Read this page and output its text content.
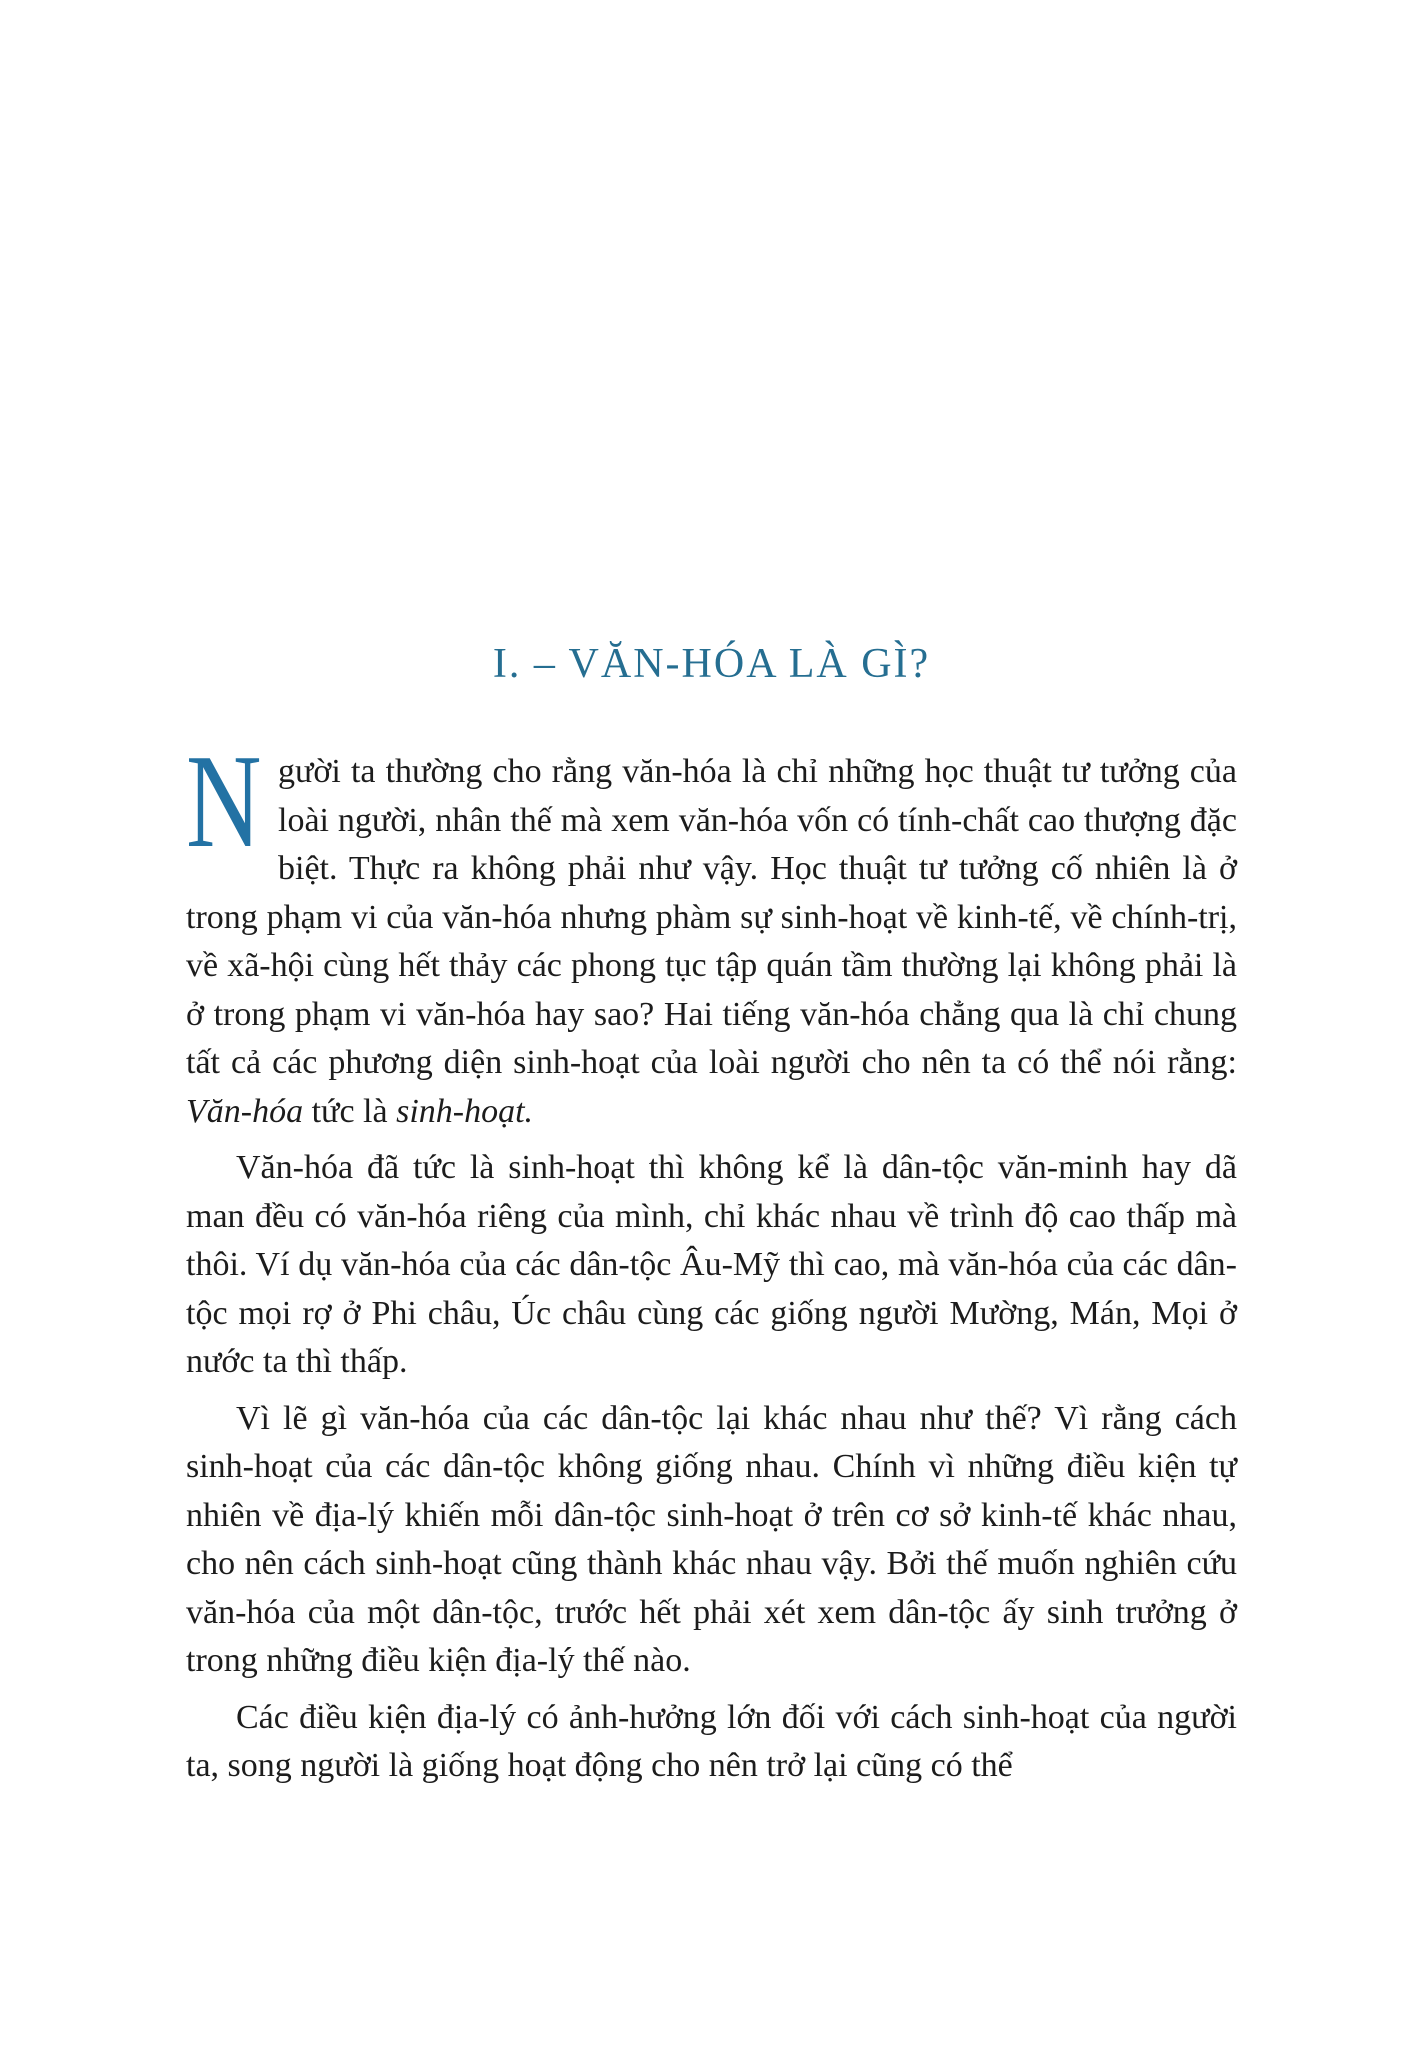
I. – VĂN-HÓA LÀ GÌ?

N gười ta thường cho rằng văn-hóa là chỉ những học thuật tư tưởng của loài người, nhân thế mà xem văn-hóa vốn có tính-chất cao thượng đặc biệt. Thực ra không phải như vậy. Học thuật tư tưởng cố nhiên là ở trong phạm vi của văn-hóa nhưng phàm sự sinh-hoạt về kinh-tế, về chính-trị, về xã-hội cùng hết thảy các phong tục tập quán tầm thường lại không phải là ở trong phạm vi văn-hóa hay sao? Hai tiếng văn-hóa chẳng qua là chỉ chung tất cả các phương diện sinh-hoạt của loài người cho nên ta có thể nói rằng: Văn-hóa tức là sinh-hoạt.

Văn-hóa đã tức là sinh-hoạt thì không kể là dân-tộc văn-minh hay dã man đều có văn-hóa riêng của mình, chỉ khác nhau về trình độ cao thấp mà thôi. Ví dụ văn-hóa của các dân-tộc Âu-Mỹ thì cao, mà văn-hóa của các dân-tộc mọi rợ ở Phi châu, Úc châu cùng các giống người Mường, Mán, Mọi ở nước ta thì thấp.

Vì lẽ gì văn-hóa của các dân-tộc lại khác nhau như thế? Vì rằng cách sinh-hoạt của các dân-tộc không giống nhau. Chính vì những điều kiện tự nhiên về địa-lý khiến mỗi dân-tộc sinh-hoạt ở trên cơ sở kinh-tế khác nhau, cho nên cách sinh-hoạt cũng thành khác nhau vậy. Bởi thế muốn nghiên cứu văn-hóa của một dân-tộc, trước hết phải xét xem dân-tộc ấy sinh trưởng ở trong những điều kiện địa-lý thế nào.

Các điều kiện địa-lý có ảnh-hưởng lớn đối với cách sinh-hoạt của người ta, song người là giống hoạt động cho nên trở lại cũng có thể
